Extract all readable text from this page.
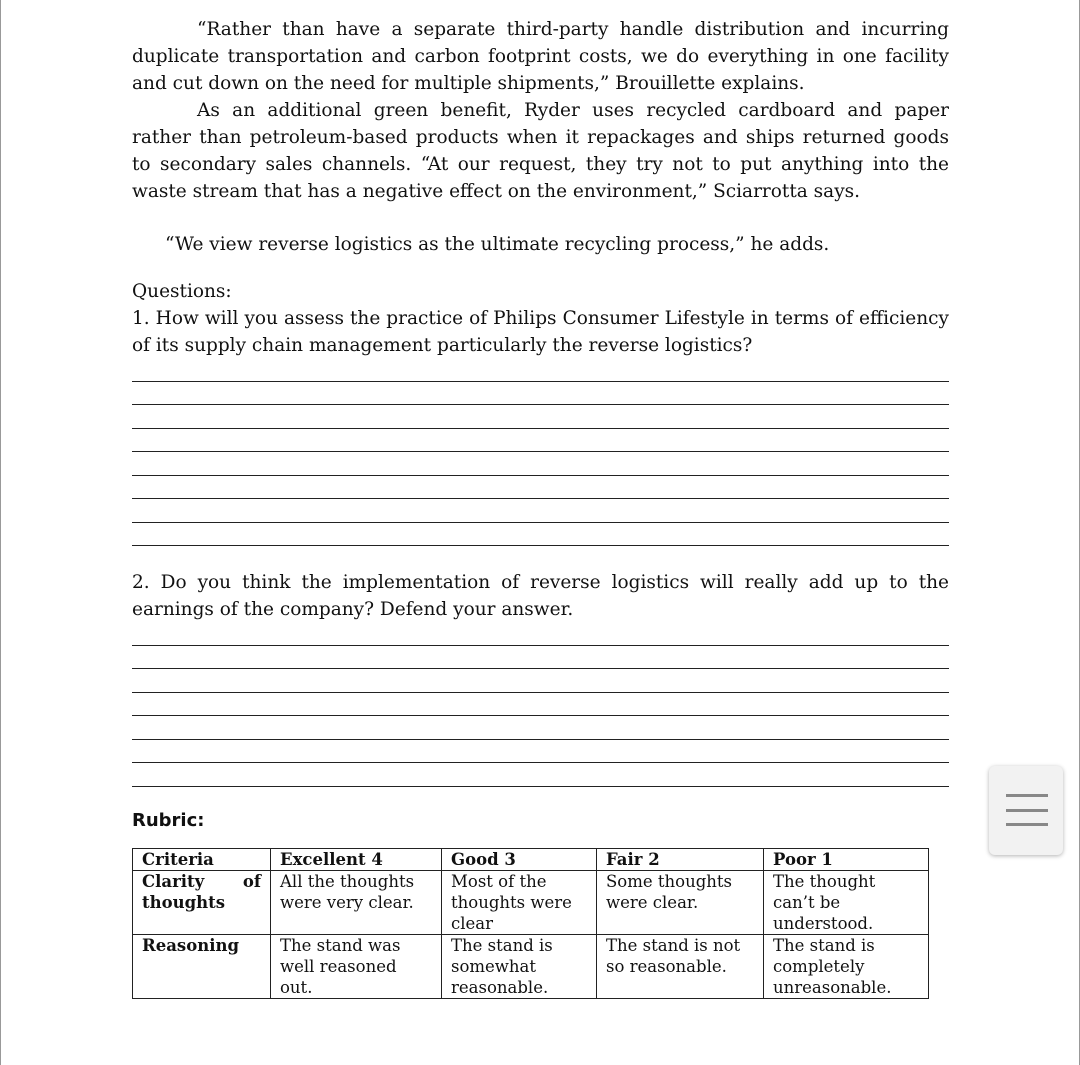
“Rather than have a separate third-party handle distribution and incurring duplicate transportation and carbon footprint costs, we do everything in one facility and cut down on the need for multiple shipments,” Brouillette explains.

As an additional green benefit, Ryder uses recycled cardboard and paper rather than petroleum-based products when it repackages and ships returned goods to secondary sales channels. “At our request, they try not to put anything into the waste stream that has a negative effect on the environment,” Sciarrotta says.

“We view reverse logistics as the ultimate recycling process,” he adds.

Questions:

1. How will you assess the practice of Philips Consumer Lifestyle in terms of efficiency of its supply chain management particularly the reverse logistics?

2. Do you think the implementation of reverse logistics will really add up to the earnings of the company? Defend your answer.

Rubric:
Criteria	Excellent 4	Good 3	Fair 2	Poor 1
Clarity of thoughts	All the thoughts were very clear.	Most of the thoughts were clear	Some thoughts were clear.	The thought can’t be understood.
Reasoning	The stand was well reasoned out.	The stand is somewhat reasonable.	The stand is not so reasonable.	The stand is completely unreasonable.
